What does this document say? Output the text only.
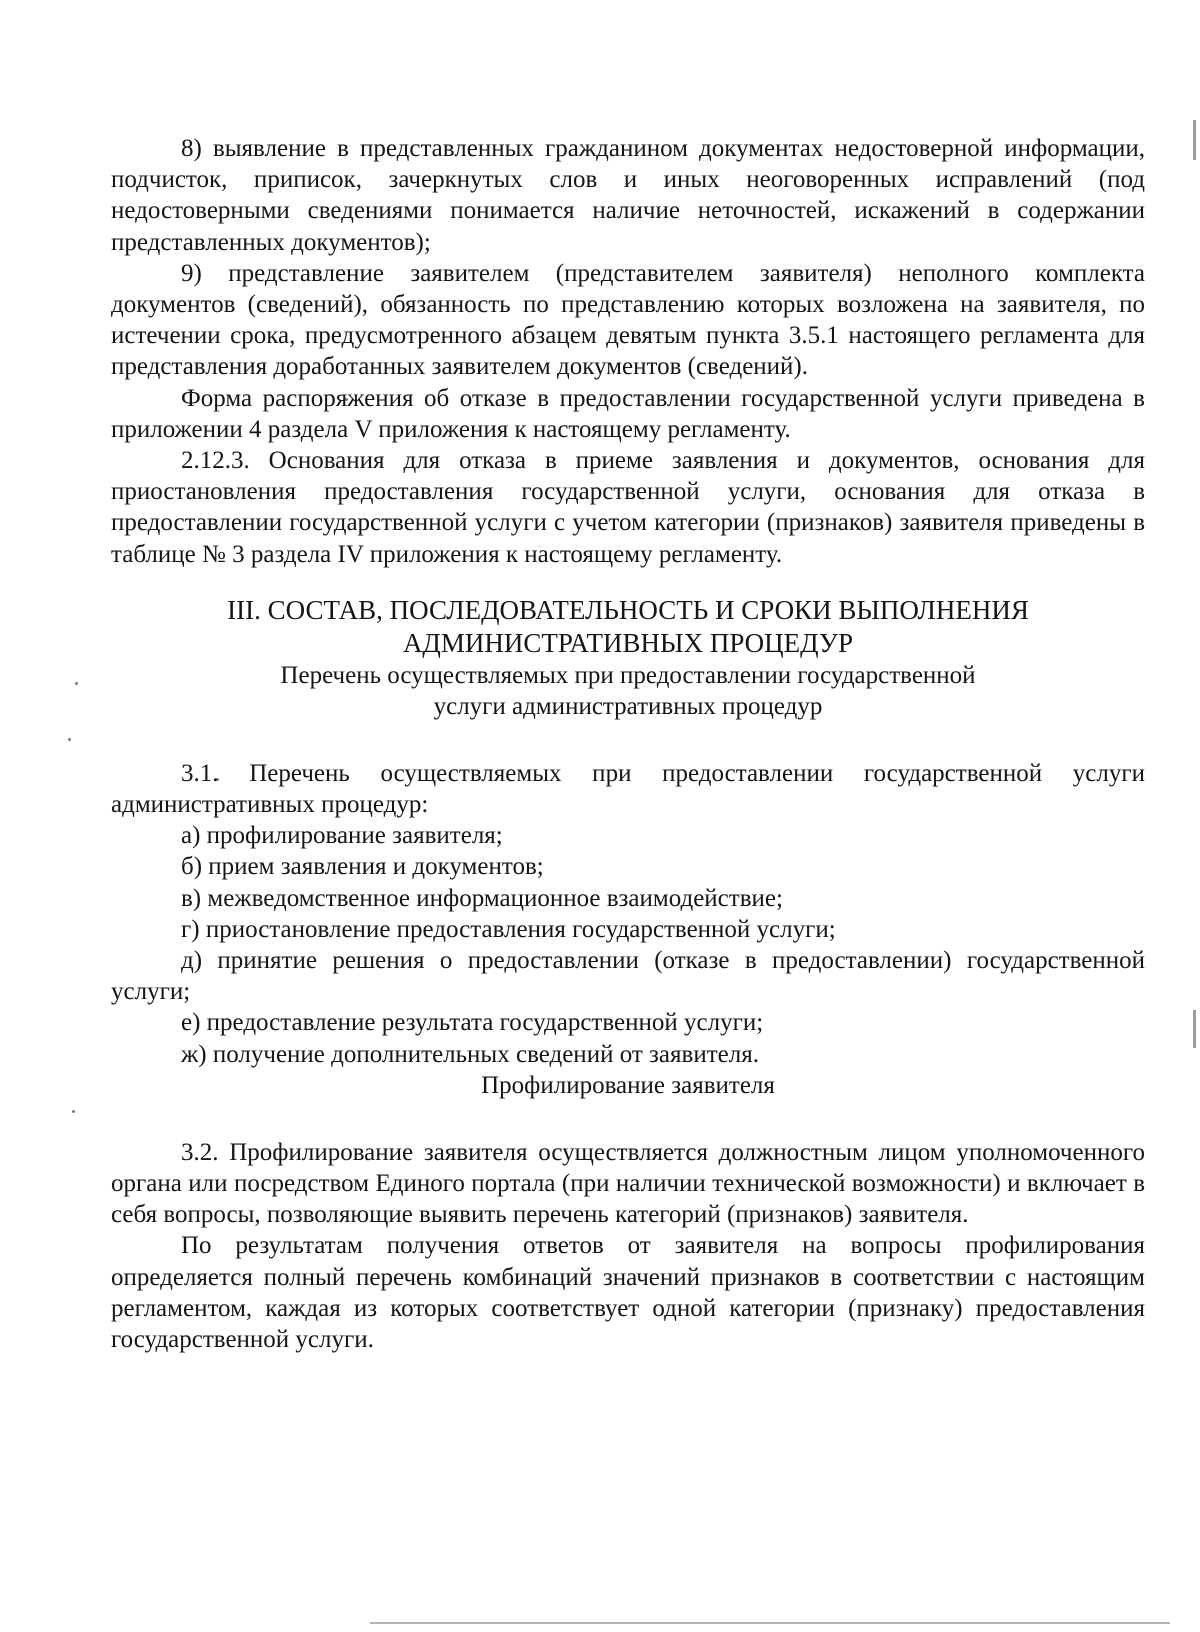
8) выявление в представленных гражданином документах недостоверной информации, подчисток, приписок, зачеркнутых слов и иных неоговоренных исправлений (под недостоверными сведениями понимается наличие неточностей, искажений в содержании представленных документов);

9) представление заявителем (представителем заявителя) неполного комплекта документов (сведений), обязанность по представлению которых возложена на заявителя, по истечении срока, предусмотренного абзацем девятым пункта 3.5.1 настоящего регламента для представления доработанных заявителем документов (сведений).

Форма распоряжения об отказе в предоставлении государственной услуги приведена в приложении 4 раздела V приложения к настоящему регламенту.

2.12.3. Основания для отказа в приеме заявления и документов, основания для приостановления предоставления государственной услуги, основания для отказа в предоставлении государственной услуги с учетом категории (признаков) заявителя приведены в таблице № 3 раздела IV приложения к настоящему регламенту.

III. СОСТАВ, ПОСЛЕДОВАТЕЛЬНОСТЬ И СРОКИ ВЫПОЛНЕНИЯ
АДМИНИСТРАТИВНЫХ ПРОЦЕДУР
Перечень осуществляемых при предоставлении государственной
услуги административных процедур

3.1. Перечень осуществляемых при предоставлении государственной услуги административных процедур:

а) профилирование заявителя;

б) прием заявления и документов;

в) межведомственное информационное взаимодействие;

г) приостановление предоставления государственной услуги;

д) принятие решения о предоставлении (отказе в предоставлении) государственной услуги;

е) предоставление результата государственной услуги;

ж) получение дополнительных сведений от заявителя.

Профилирование заявителя

3.2. Профилирование заявителя осуществляется должностным лицом уполномоченного органа или посредством Единого портала (при наличии технической возможности) и включает в себя вопросы, позволяющие выявить перечень категорий (признаков) заявителя.

По результатам получения ответов от заявителя на вопросы профилирования определяется полный перечень комбинаций значений признаков в соответствии с настоящим регламентом, каждая из которых соответствует одной категории (признаку) предоставления государственной услуги.
